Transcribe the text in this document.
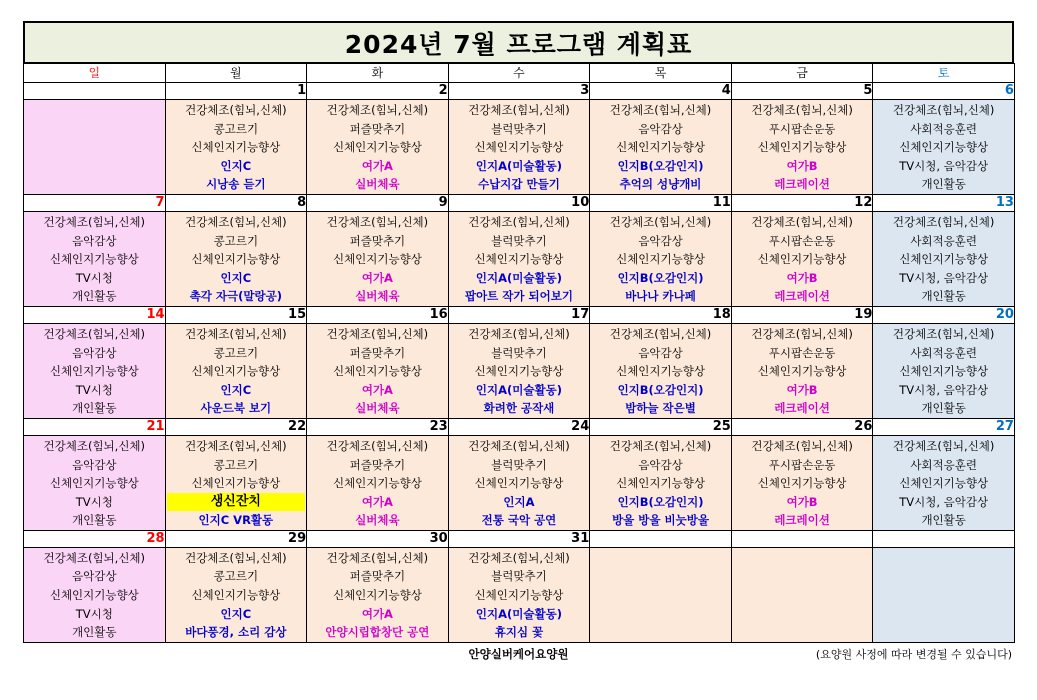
2024년 7월 프로그램 계획표
일	월	화	수	목	금	토
	1	2	3	4	5	6

	건강체조(힘뇌,신체)
콩고르기
신체인지기능향상
인지C
시낭송 듣기	건강체조(힘뇌,신체)
퍼즐맞추기
신체인지기능향상
여가A
실버체육	건강체조(힘뇌,신체)
블럭맞추기
신체인지기능향상
인지A(미술활동)
수납지갑 만들기	건강체조(힘뇌,신체)
음악감상
신체인지기능향상
인지B(오감인지)
추억의 성냥개비	건강체조(힘뇌,신체)
푸시팝손운동
신체인지기능향상
여가B
레크레이션	건강체조(힘뇌,신체)
사회적응훈련
신체인지기능향상
TV시청, 음악감상
개인활동

7	8	9	10	11	12	13

건강체조(힘뇌,신체)
음악감상
신체인지기능향상
TV시청
개인활동	건강체조(힘뇌,신체)
콩고르기
신체인지기능향상
인지C
촉각 자극(말랑공)	건강체조(힘뇌,신체)
퍼즐맞추기
신체인지기능향상
여가A
실버체육	건강체조(힘뇌,신체)
블럭맞추기
신체인지기능향상
인지A(미술활동)
팝아트 작가 되어보기	건강체조(힘뇌,신체)
음악감상
신체인지기능향상
인지B(오감인지)
바나나 카나페	건강체조(힘뇌,신체)
푸시팝손운동
신체인지기능향상
여가B
레크레이션	건강체조(힘뇌,신체)
사회적응훈련
신체인지기능향상
TV시청, 음악감상
개인활동

14	15	16	17	18	19	20

건강체조(힘뇌,신체)
음악감상
신체인지기능향상
TV시청
개인활동	건강체조(힘뇌,신체)
콩고르기
신체인지기능향상
인지C
사운드북 보기	건강체조(힘뇌,신체)
퍼즐맞추기
신체인지기능향상
여가A
실버체육	건강체조(힘뇌,신체)
블럭맞추기
신체인지기능향상
인지A(미술활동)
화려한 공작새	건강체조(힘뇌,신체)
음악감상
신체인지기능향상
인지B(오감인지)
밤하늘 작은별	건강체조(힘뇌,신체)
푸시팝손운동
신체인지기능향상
여가B
레크레이션	건강체조(힘뇌,신체)
사회적응훈련
신체인지기능향상
TV시청, 음악감상
개인활동

21	22	23	24	25	26	27

건강체조(힘뇌,신체)
음악감상
신체인지기능향상
TV시청
개인활동	건강체조(힘뇌,신체)
콩고르기
신체인지기능향상
생신잔치
인지C VR활동	건강체조(힘뇌,신체)
퍼즐맞추기
신체인지기능향상
여가A
실버체육	건강체조(힘뇌,신체)
블럭맞추기
신체인지기능향상
인지A
전통 국악 공연	건강체조(힘뇌,신체)
음악감상
신체인지기능향상
인지B(오감인지)
방울 방울 비눗방울	건강체조(힘뇌,신체)
푸시팝손운동
신체인지기능향상
여가B
레크레이션	건강체조(힘뇌,신체)
사회적응훈련
신체인지기능향상
TV시청, 음악감상
개인활동

28	29	30	31			

건강체조(힘뇌,신체)
음악감상
신체인지기능향상
TV시청
개인활동	건강체조(힘뇌,신체)
콩고르기
신체인지기능향상
인지C
바다풍경, 소리 감상	건강체조(힘뇌,신체)
퍼즐맞추기
신체인지기능향상
여가A
안양시립합창단 공연	건강체조(힘뇌,신체)
블럭맞추기
신체인지기능향상
인지A(미술활동)
휴지심 꽃			

안양실버케어요양원	(요양원 사정에 따라 변경될 수 있습니다)
